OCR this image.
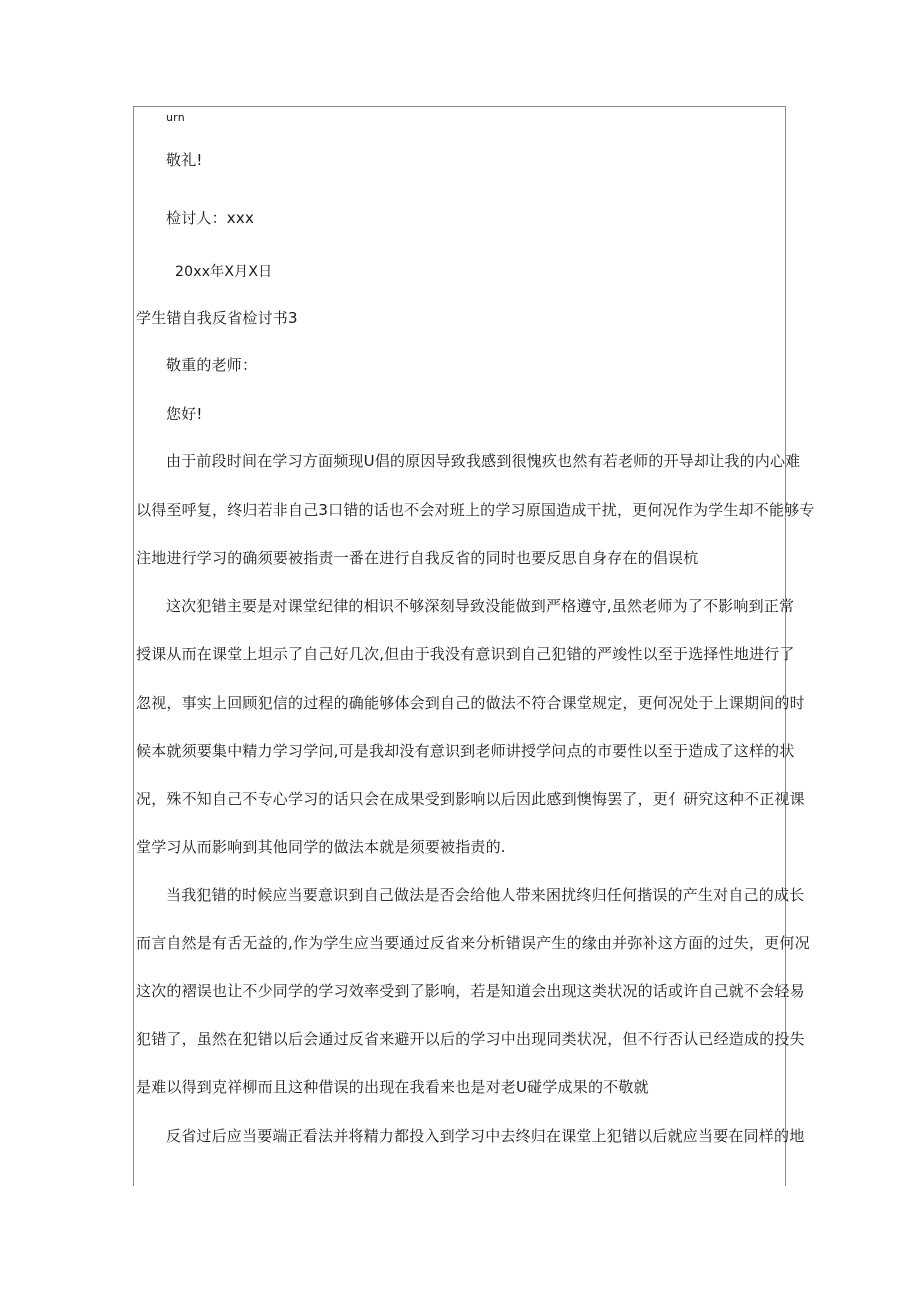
urn
敬礼!
检讨人：xxx
20xx年X月X日
学生错自我反省检讨书3
敬重的老师：
您好!
由于前段时间在学习方面频现U倡的原因导致我感到很愧疚也然有若老师的开导却让我的内心难
以得至呼复，终归若非自己3口错的话也不会对班上的学习原国造成干扰，更何况作为学生却不能够专
注地进行学习的确须要被指责一番在进行自我反省的同时也要反思自身存在的倡误杭
这次犯错主要是对课堂纪律的相识不够深刻导致没能做到严格遵守,虽然老师为了不影响到正常
授课从而在课堂上坦示了自己好几次,但由于我没有意识到自己犯错的严竣性以至于选择性地进行了
忽视，事实上回顾犯信的过程的确能够体会到自己的做法不符合课堂规定，更何况处于上课期间的时
候本就须要集中精力学习学问,可是我却没有意识到老师讲授学问点的市要性以至于造成了这样的状
况，殊不知自己不专心学习的话只会在成果受到影响以后因此感到懊悔罢了，更亻研究这种不正视课
堂学习从而影响到其他同学的做法本就是须要被指责的.
当我犯错的时候应当要意识到自己做法是否会给他人带来困扰终归任何揩误的产生对自己的成长
而言自然是有舌无益的,作为学生应当要通过反省来分析错误产生的缘由并弥补这方面的过失，更何况
这次的褶误也让不少同学的学习效率受到了影响，若是知道会出现这类状况的话或许自己就不会轻易
犯错了，虽然在犯错以后会通过反省来避开以后的学习中出现同类状况，但不行否认已经造成的投失
是难以得到克祥柳而且这种借误的出现在我看来也是对老U碰学成果的不敬就
反省过后应当要端正看法并将精力都投入到学习中去终归在课堂上犯错以后就应当要在同样的地
